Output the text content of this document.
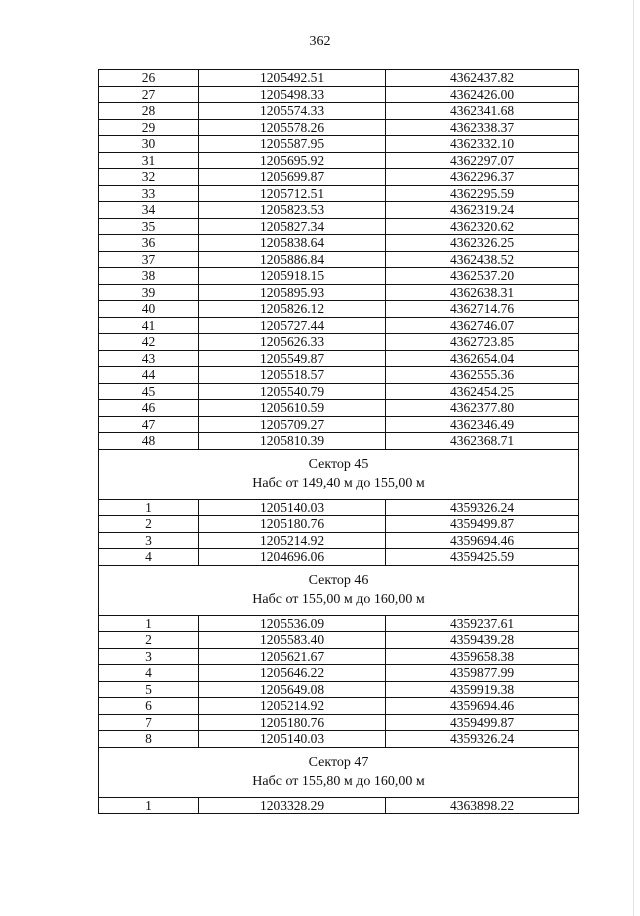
362
26	1205492.51	4362437.82
27	1205498.33	4362426.00
28	1205574.33	4362341.68
29	1205578.26	4362338.37
30	1205587.95	4362332.10
31	1205695.92	4362297.07
32	1205699.87	4362296.37
33	1205712.51	4362295.59
34	1205823.53	4362319.24
35	1205827.34	4362320.62
36	1205838.64	4362326.25
37	1205886.84	4362438.52
38	1205918.15	4362537.20
39	1205895.93	4362638.31
40	1205826.12	4362714.76
41	1205727.44	4362746.07
42	1205626.33	4362723.85
43	1205549.87	4362654.04
44	1205518.57	4362555.36
45	1205540.79	4362454.25
46	1205610.59	4362377.80
47	1205709.27	4362346.49
48	1205810.39	4362368.71

Сектор 45
Набс от 149,40 м до 155,00 м		

1	1205140.03	4359326.24
2	1205180.76	4359499.87
3	1205214.92	4359694.46
4	1204696.06	4359425.59

Сектор 46
Набс от 155,00 м до 160,00 м		

1	1205536.09	4359237.61
2	1205583.40	4359439.28
3	1205621.67	4359658.38
4	1205646.22	4359877.99
5	1205649.08	4359919.38
6	1205214.92	4359694.46
7	1205180.76	4359499.87
8	1205140.03	4359326.24

Сектор 47
Набс от 155,80 м до 160,00 м		

1	1203328.29	4363898.22
